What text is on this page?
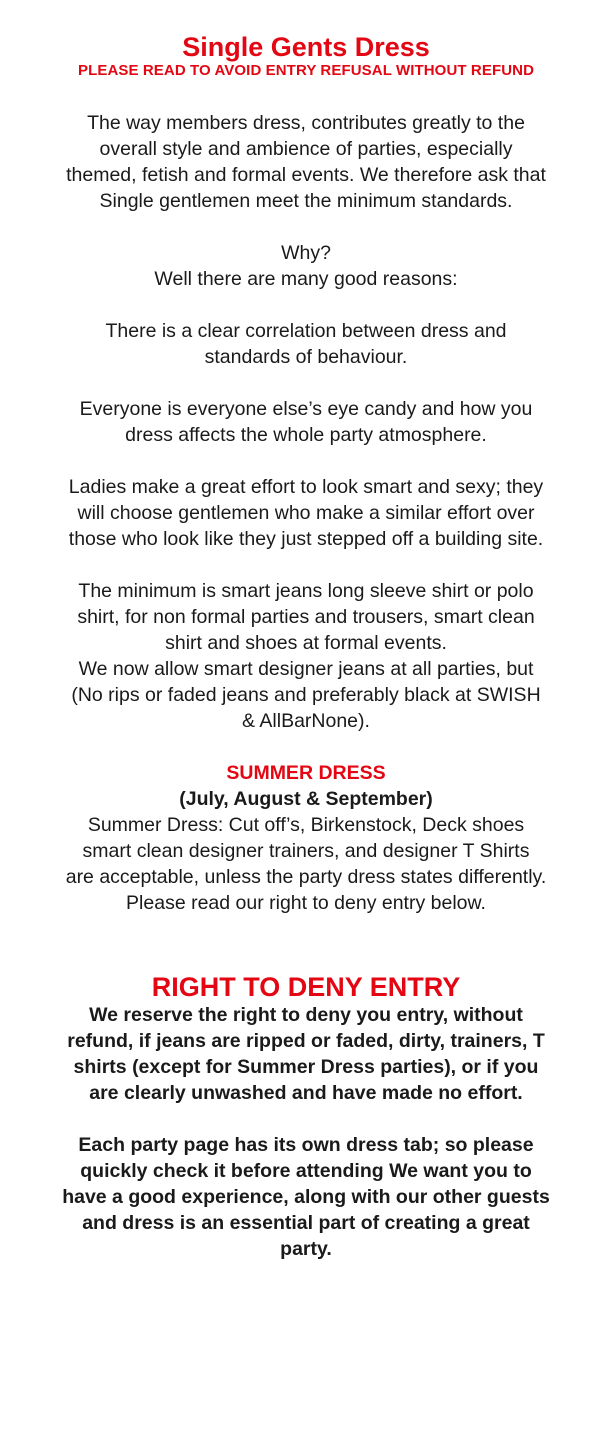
Single Gents Dress

PLEASE READ TO AVOID ENTRY REFUSAL WITHOUT REFUND

The way members dress, contributes greatly to the
overall style and ambience of parties, especially
themed, fetish and formal events. We therefore ask that
Single gentlemen meet the minimum standards.

Why?
Well there are many good reasons:

There is a clear correlation between dress and
standards of behaviour.

Everyone is everyone else’s eye candy and how you
dress affects the whole party atmosphere.

Ladies make a great effort to look smart and sexy; they
will choose gentlemen who make a similar effort over
those who look like they just stepped off a building site.

The minimum is smart jeans long sleeve shirt or polo
shirt, for non formal parties and trousers, smart clean
shirt and shoes at formal events.
We now allow smart designer jeans at all parties, but
(No rips or faded jeans and preferably black at SWISH
& AllBarNone).

SUMMER DRESS

(July, August & September)

Summer Dress: Cut off’s, Birkenstock, Deck shoes
smart clean designer trainers, and designer T Shirts
are acceptable, unless the party dress states differently.
Please read our right to deny entry below.

RIGHT TO DENY ENTRY

We reserve the right to deny you entry, without
refund, if jeans are ripped or faded, dirty, trainers, T
shirts (except for Summer Dress parties), or if you
are clearly unwashed and have made no effort.

Each party page has its own dress tab; so please
quickly check it before attending We want you to
have a good experience, along with our other guests
and dress is an essential part of creating a great
party.
